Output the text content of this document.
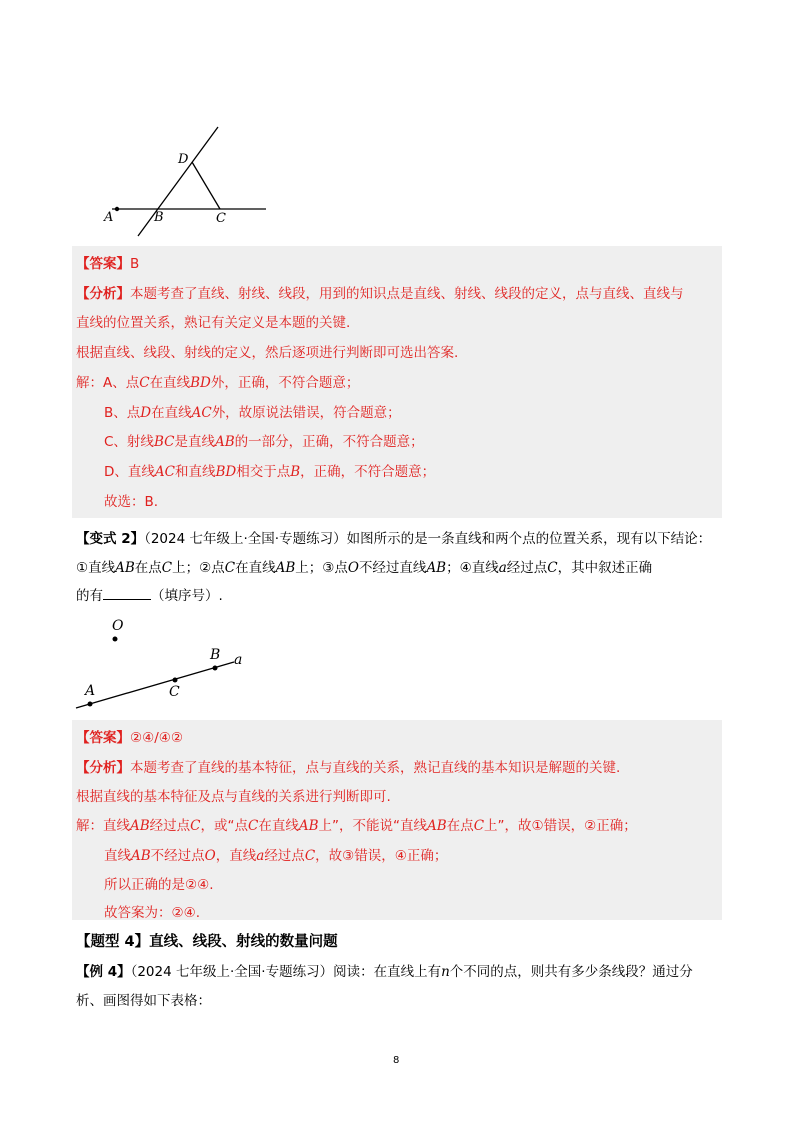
A	B	C
D
【答案】B
【分析】本题考查了直线、射线、线段，用到的知识点是直线、射线、线段的定义，点与直线、直线与
直线的位置关系，熟记有关定义是本题的关键.
根据直线、线段、射线的定义，然后逐项进行判断即可选出答案.
解：A、点C在直线BD外，正确，不符合题意；
B、点D在直线AC外，故原说法错误，符合题意；
C、射线BC是直线AB的一部分，正确，不符合题意；
D、直线AC和直线BD相交于点B，正确，不符合题意；
故选：B.
【变式 2】（2024 七年级上·全国·专题练习）如图所示的是一条直线和两个点的位置关系，现有以下结论：
①直线AB在点C上；②点C在直线AB上；③点O不经过直线AB；④直线a经过点C，其中叙述正确
的有	（填序号）.
O
A	C
B a
【答案】②④/④②
【分析】本题考查了直线的基本特征，点与直线的关系，熟记直线的基本知识是解题的关键.
根据直线的基本特征及点与直线的关系进行判断即可.
解：直线AB经过点C，或“点C在直线AB上”，不能说“直线AB在点C上”，故①错误，②正确；
直线AB不经过点O，直线a经过点C，故③错误，④正确；
所以正确的是②④.
故答案为：②④.
【题型 4】直线、线段、射线的数量问题
【例 4】（2024 七年级上·全国·专题练习）阅读：在直线上有n个不同的点，则共有多少条线段？通过分
析、画图得如下表格：
8
